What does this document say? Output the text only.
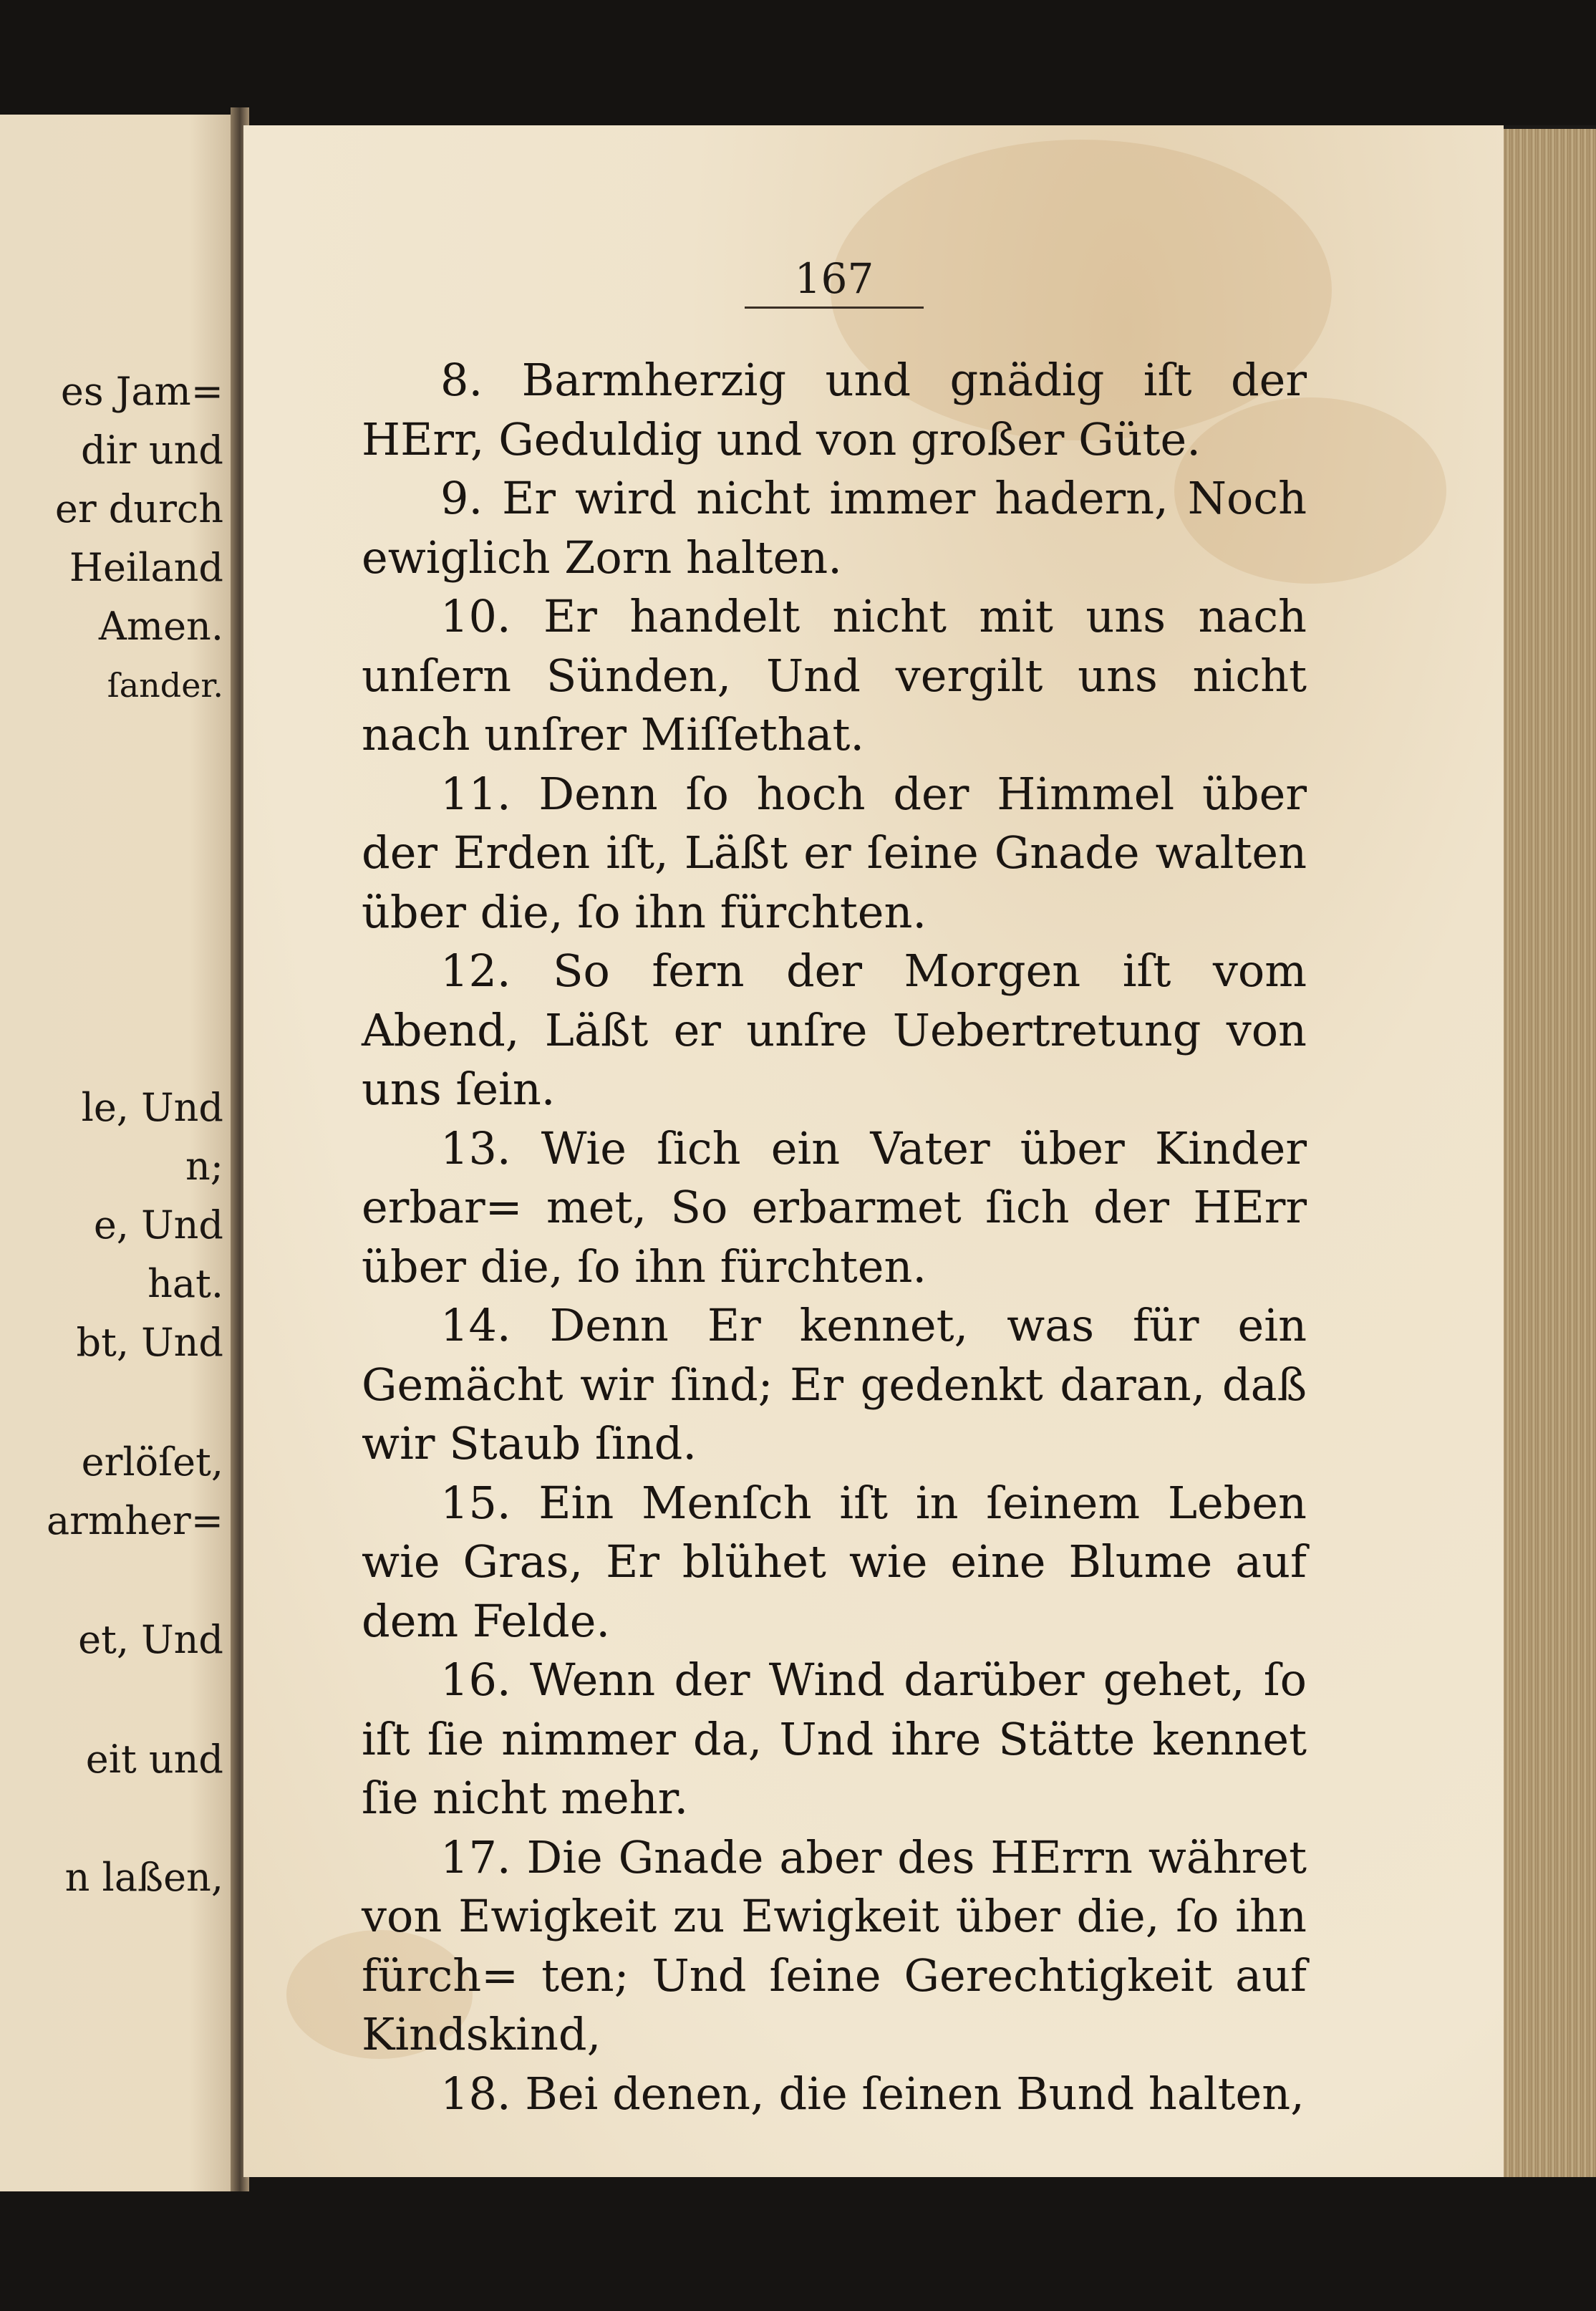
es Jam=
dir und
er durch
Heiland
Amen.
ſander.
le, Und
n;
e, Und
hat.
bt, Und
erlöſet,
armher=
et, Und
eit und
n laßen,
167

8. Barmherzig und gnädig iſt der HErr, Geduldig und von großer Güte.

9. Er wird nicht immer hadern, Noch ewiglich Zorn halten.

10. Er handelt nicht mit uns nach unſern Sünden, Und vergilt uns nicht nach unſrer Miſſethat.

11. Denn ſo hoch der Himmel über der Erden iſt, Läßt er ſeine Gnade walten über die, ſo ihn fürchten.

12. So fern der Morgen iſt vom Abend, Läßt er unſre Uebertretung von uns ſein.

13. Wie ſich ein Vater über Kinder erbar= met, So erbarmet ſich der HErr über die, ſo ihn fürchten.

14. Denn Er kennet, was für ein Gemächt wir ſind; Er gedenkt daran, daß wir Staub ſind.

15. Ein Menſch iſt in ſeinem Leben wie Gras, Er blühet wie eine Blume auf dem Felde.

16. Wenn der Wind darüber gehet, ſo iſt ſie nimmer da, Und ihre Stätte kennet ſie nicht mehr.

17. Die Gnade aber des HErrn währet von Ewigkeit zu Ewigkeit über die, ſo ihn fürch= ten; Und ſeine Gerechtigkeit auf Kindskind,

18. Bei denen, die ſeinen Bund halten,
